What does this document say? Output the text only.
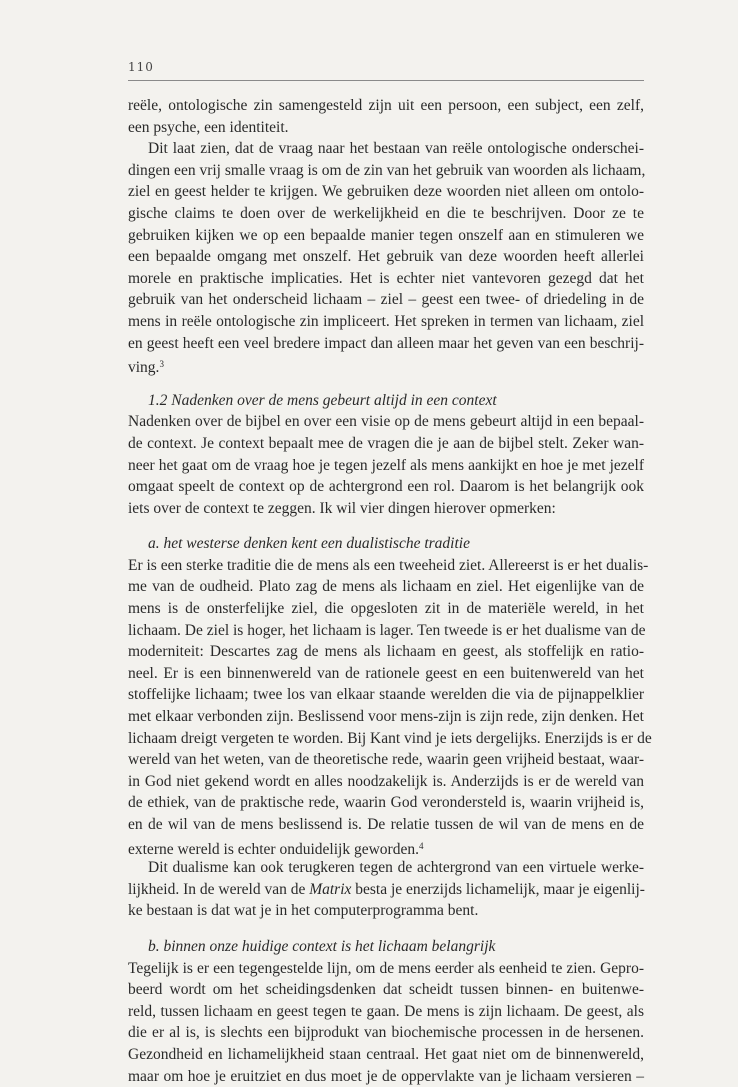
110
reële, ontologische zin samengesteld zijn uit een persoon, een subject, een zelf,
een psyche, een identiteit.
Dit laat zien, dat de vraag naar het bestaan van reële ontologische onderschei-
dingen een vrij smalle vraag is om de zin van het gebruik van woorden als lichaam,
ziel en geest helder te krijgen. We gebruiken deze woorden niet alleen om ontolo-
gische claims te doen over de werkelijkheid en die te beschrijven. Door ze te
gebruiken kijken we op een bepaalde manier tegen onszelf aan en stimuleren we
een bepaalde omgang met onszelf. Het gebruik van deze woorden heeft allerlei
morele en praktische implicaties. Het is echter niet vantevoren gezegd dat het
gebruik van het onderscheid lichaam – ziel – geest een twee- of driedeling in de
mens in reële ontologische zin impliceert. Het spreken in termen van lichaam, ziel
en geest heeft een veel bredere impact dan alleen maar het geven van een beschrij-
ving.$^3$
1.2 Nadenken over de mens gebeurt altijd in een context
Nadenken over de bijbel en over een visie op de mens gebeurt altijd in een bepaal-
de context. Je context bepaalt mee de vragen die je aan de bijbel stelt. Zeker wan-
neer het gaat om de vraag hoe je tegen jezelf als mens aankijkt en hoe je met jezelf
omgaat speelt de context op de achtergrond een rol. Daarom is het belangrijk ook
iets over de context te zeggen. Ik wil vier dingen hierover opmerken:
a. het westerse denken kent een dualistische traditie
Er is een sterke traditie die de mens als een tweeheid ziet. Allereerst is er het dualis-
me van de oudheid. Plato zag de mens als lichaam en ziel. Het eigenlijke van de
mens is de onsterfelijke ziel, die opgesloten zit in de materiële wereld, in het
lichaam. De ziel is hoger, het lichaam is lager. Ten tweede is er het dualisme van de
moderniteit: Descartes zag de mens als lichaam en geest, als stoffelijk en ratio-
neel. Er is een binnenwereld van de rationele geest en een buitenwereld van het
stoffelijke lichaam; twee los van elkaar staande werelden die via de pijnappelklier
met elkaar verbonden zijn. Beslissend voor mens-zijn is zijn rede, zijn denken. Het
lichaam dreigt vergeten te worden. Bij Kant vind je iets dergelijks. Enerzijds is er de
wereld van het weten, van de theoretische rede, waarin geen vrijheid bestaat, waar-
in God niet gekend wordt en alles noodzakelijk is. Anderzijds is er de wereld van
de ethiek, van de praktische rede, waarin God verondersteld is, waarin vrijheid is,
en de wil van de mens beslissend is. De relatie tussen de wil van de mens en de
externe wereld is echter onduidelijk geworden.$^4$
Dit dualisme kan ook terugkeren tegen de achtergrond van een virtuele werke-
lijkheid. In de wereld van de Matrix besta je enerzijds lichamelijk, maar je eigenlij-
ke bestaan is dat wat je in het computerprogramma bent.
b. binnen onze huidige context is het lichaam belangrijk
Tegelijk is er een tegengestelde lijn, om de mens eerder als eenheid te zien. Gepro-
beerd wordt om het scheidingsdenken dat scheidt tussen binnen- en buitenwe-
reld, tussen lichaam en geest tegen te gaan. De mens is zijn lichaam. De geest, als
die er al is, is slechts een bijprodukt van biochemische processen in de hersenen.
Gezondheid en lichamelijkheid staan centraal. Het gaat niet om de binnenwereld,
maar om hoe je eruitziet en dus moet je de oppervlakte van je lichaam versieren –
